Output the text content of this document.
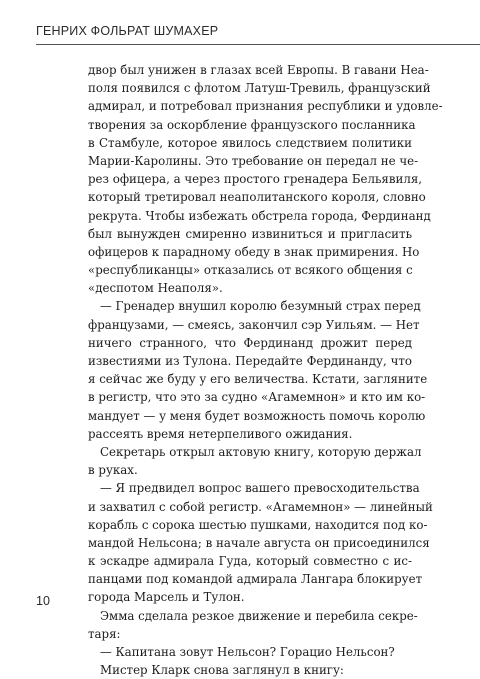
ГЕНРИХ ФОЛЬРАТ ШУМАХЕР
двор был унижен в глазах всей Европы. В гавани Неа-
поля появился с флотом Латуш-Тревиль, французский
адмирал, и потребовал признания республики и удовле-
творения за оскорбление французского посланника
в Стамбуле, которое явилось следствием политики
Марии-Каролины. Это требование он передал не че-
рез офицера, а через простого гренадера Бельявиля,
который третировал неаполитанского короля, словно
рекрута. Чтобы избежать обстрела города, Фердинанд
был вынужден смиренно извиниться и пригласить
офицеров к парадному обеду в знак примирения. Но
«республиканцы» отказались от всякого общения с
«деспотом Неаполя».
— Гренадер внушил королю безумный страх перед
французами, — смеясь, закончил сэр Уильям. — Нет
ничего странного, что Фердинанд дрожит перед
известиями из Тулона. Передайте Фердинанду, что
я сейчас же буду у его величества. Кстати, загляните
в регистр, что это за судно «Агамемнон» и кто им ко-
мандует — у меня будет возможность помочь королю
рассеять время нетерпеливого ожидания.
Секретарь открыл актовую книгу, которую держал
в руках.
— Я предвидел вопрос вашего превосходительства
и захватил с собой регистр. «Агамемнон» — линейный
корабль с сорока шестью пушками, находится под ко-
мандой Нельсона; в начале августа он присоединился
к эскадре адмирала Гуда, который совместно с ис-
панцами под командой адмирала Лангара блокирует
города Марсель и Тулон.
Эмма сделала резкое движение и перебила секре-
таря:
— Капитана зовут Нельсон? Горацио Нельсон?
Мистер Кларк снова заглянул в книгу:
10
